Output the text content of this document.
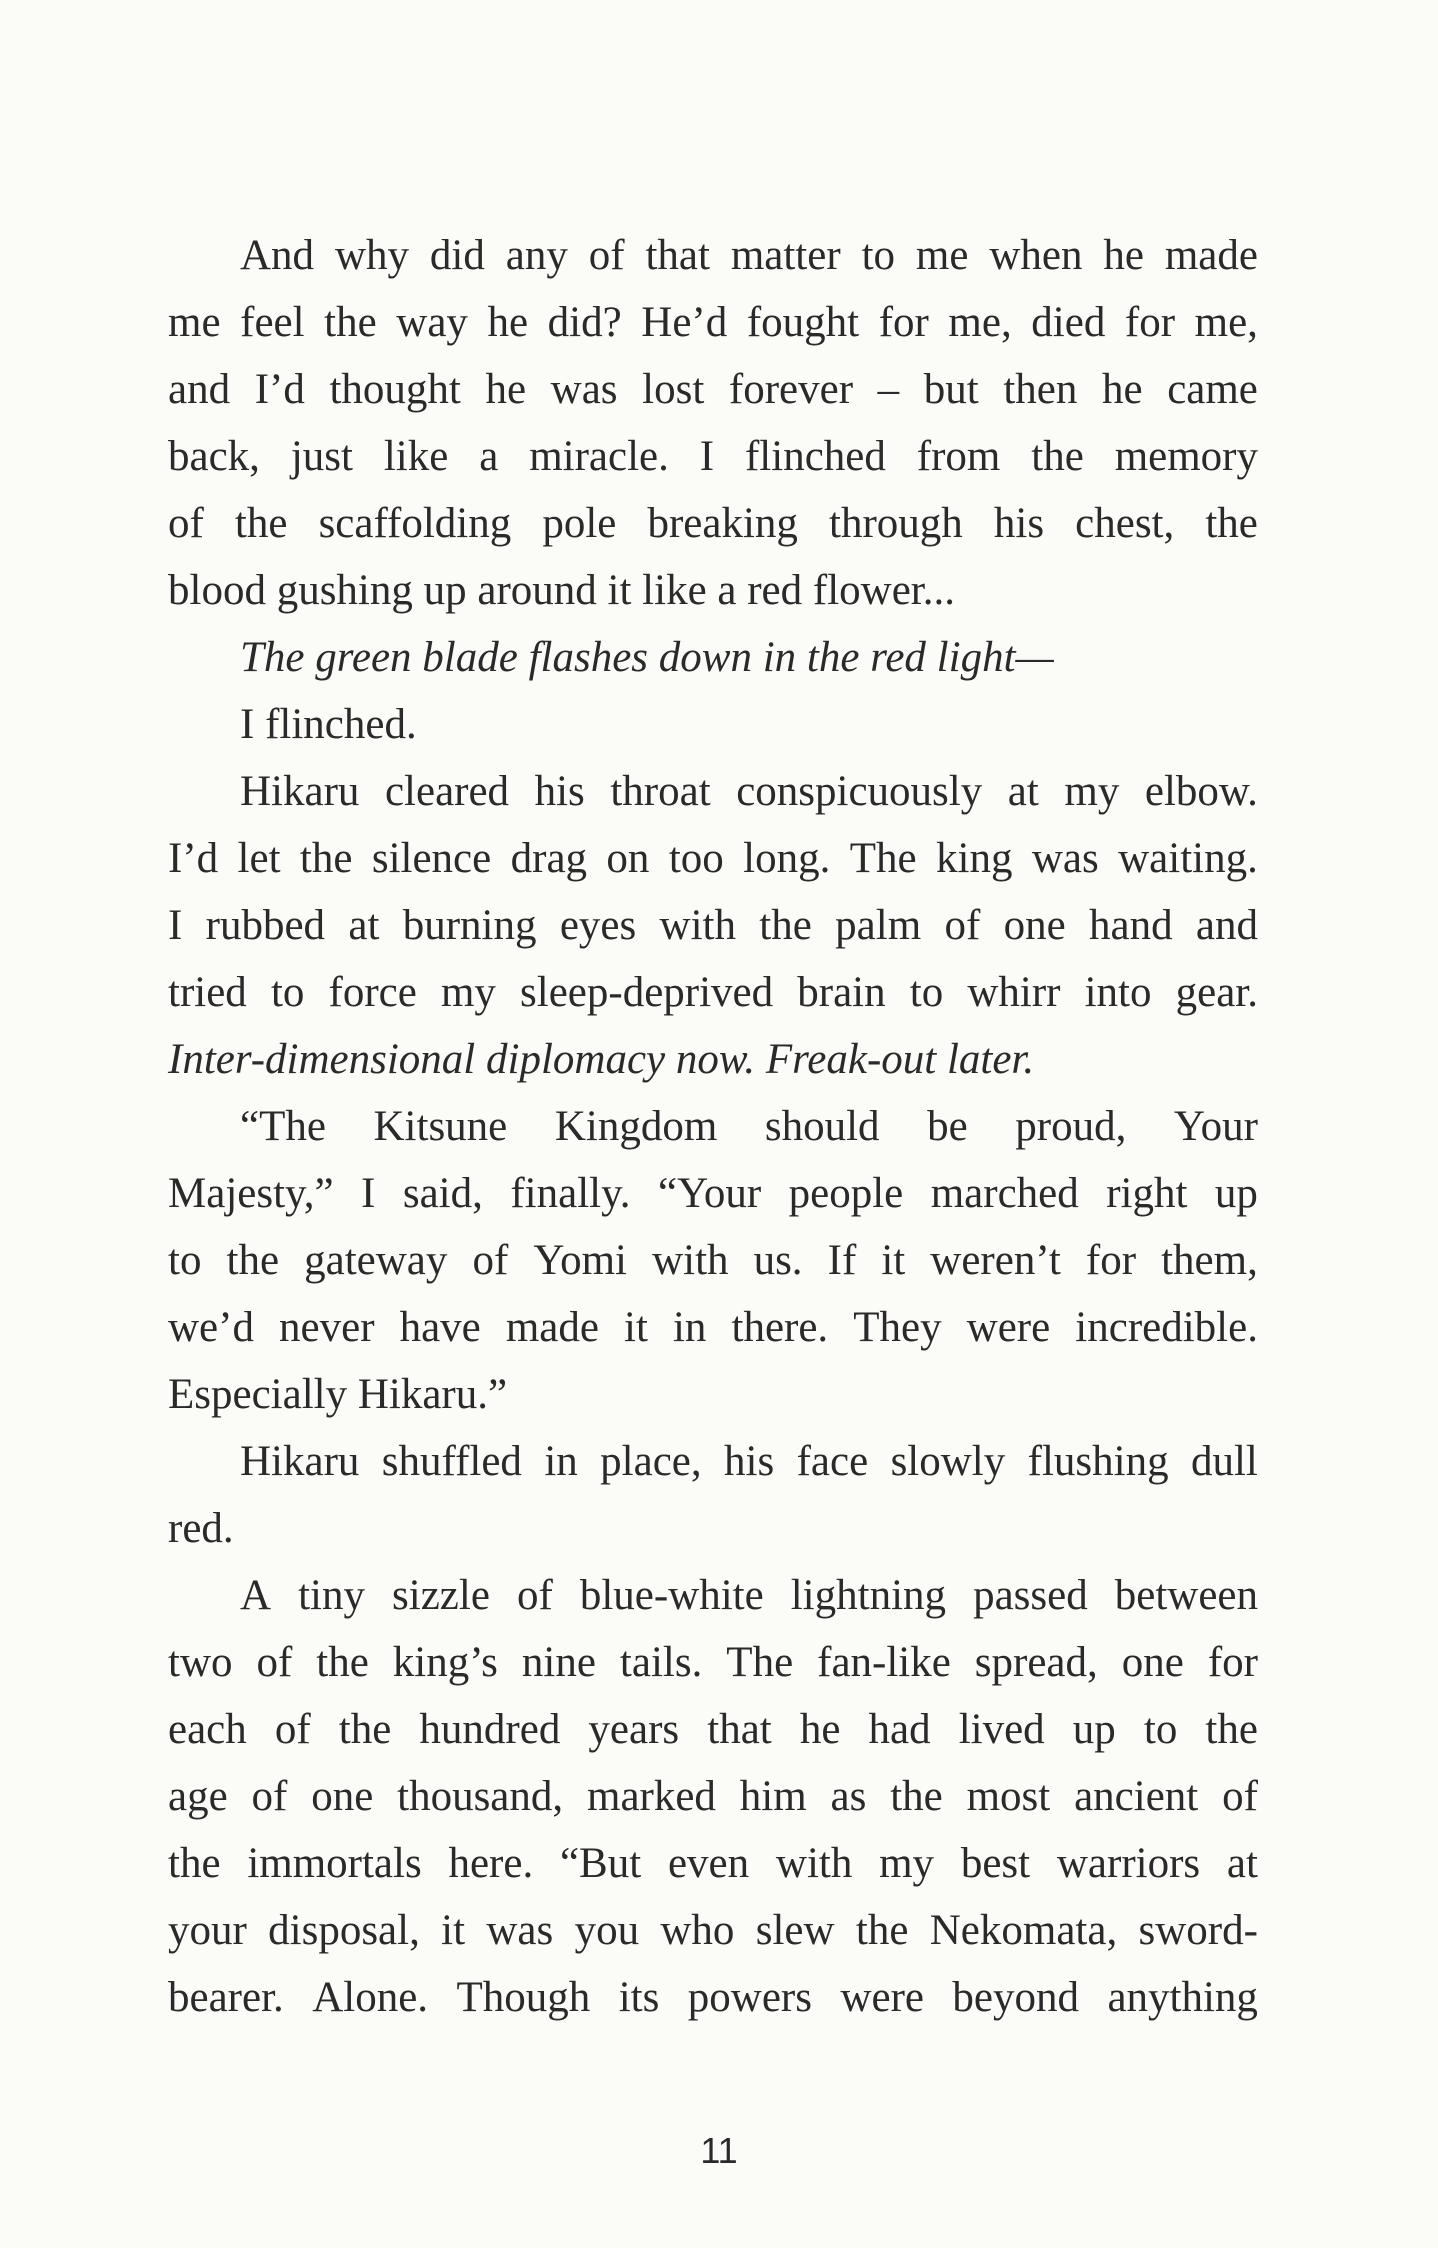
And why did any of that matter to me when he made
me feel the way he did? He’d fought for me, died for me,
and I’d thought he was lost forever – but then he came
back, just like a miracle. I flinched from the memory
of the scaffolding pole breaking through his chest, the
blood gushing up around it like a red flower...
The green blade flashes down in the red light—
I flinched.
Hikaru cleared his throat conspicuously at my elbow.
I’d let the silence drag on too long. The king was waiting.
I rubbed at burning eyes with the palm of one hand and
tried to force my sleep-deprived brain to whirr into gear.
Inter-dimensional diplomacy now. Freak-out later.
“The Kitsune Kingdom should be proud, Your
Majesty,” I said, finally. “Your people marched right up
to the gateway of Yomi with us. If it weren’t for them,
we’d never have made it in there. They were incredible.
Especially Hikaru.”
Hikaru shuffled in place, his face slowly flushing dull
red.
A tiny sizzle of blue-white lightning passed between
two of the king’s nine tails. The fan-like spread, one for
each of the hundred years that he had lived up to the
age of one thousand, marked him as the most ancient of
the immortals here. “But even with my best warriors at
your disposal, it was you who slew the Nekomata, sword-
bearer. Alone. Though its powers were beyond anything
11
